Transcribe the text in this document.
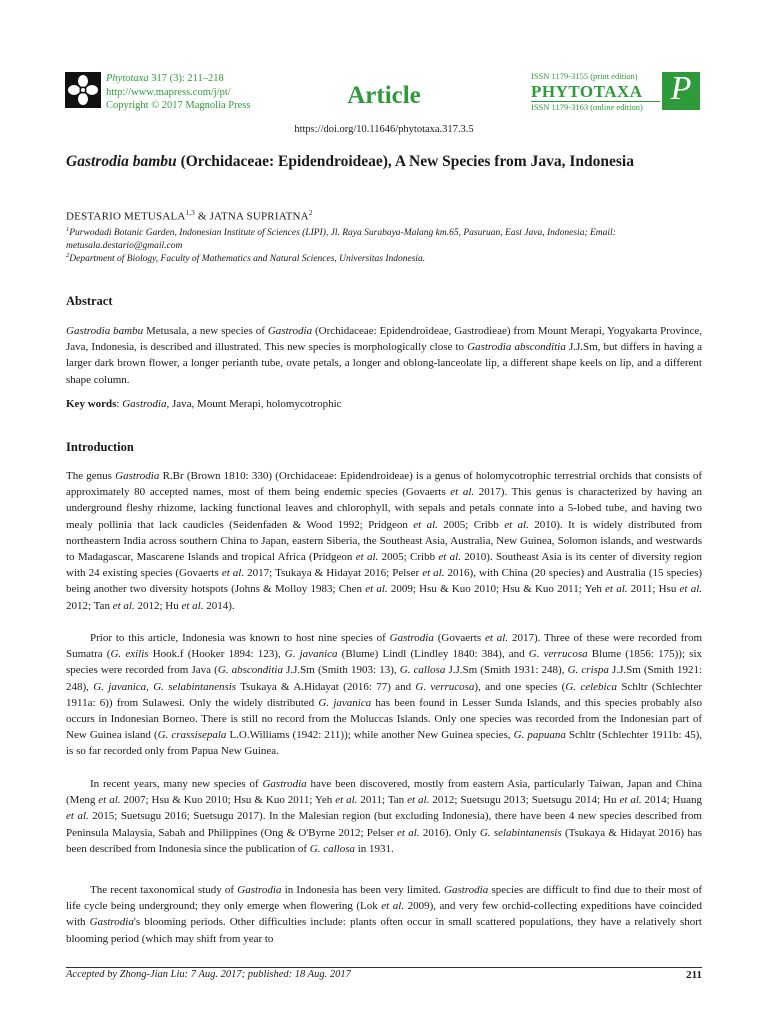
Phytotaxa 317 (3): 211–218
http://www.mapress.com/j/pt/
Copyright © 2017 Magnolia Press	Article
ISSN 1179-3155 (print edition)
PHYTOTAXA
ISSN 1179-3163 (online edition) P
https://doi.org/10.11646/phytotaxa.317.3.5
Gastrodia bambu (Orchidaceae: Epidendroideae), A New Species from Java, Indonesia
DESTARIO METUSALA$^{1,3}$ & JATNA SUPRIATNA$^2$
$^1$Purwodadi Botanic Garden, Indonesian Institute of Sciences (LIPI), Jl. Raya Surabaya-Malang km.65, Pasuruan, East Java, Indonesia; Email: metusala.destario@gmail.com
$^2$Department of Biology, Faculty of Mathematics and Natural Sciences, Universitas Indonesia.
Abstract
Gastrodia bambu Metusala, a new species of Gastrodia (Orchidaceae: Epidendroideae, Gastrodieae) from Mount Merapi, Yogyakarta Province, Java, Indonesia, is described and illustrated. This new species is morphologically close to Gastrodia absconditia J.J.Sm, but differs in having a larger dark brown flower, a longer perianth tube, ovate petals, a longer and oblong-lanceolate lip, a different shape keels on lip, and a different shape column.
Key words: Gastrodia, Java, Mount Merapi, holomycotrophic
Introduction
The genus Gastrodia R.Br (Brown 1810: 330) (Orchidaceae: Epidendroideae) is a genus of holomycotrophic terrestrial orchids that consists of approximately 80 accepted names, most of them being endemic species (Govaerts et al. 2017). This genus is characterized by having an underground fleshy rhizome, lacking functional leaves and chlorophyll, with sepals and petals connate into a 5-lobed tube, and having two mealy pollinia that lack caudicles (Seidenfaden & Wood 1992; Pridgeon et al. 2005; Cribb et al. 2010). It is widely distributed from northeastern India across southern China to Japan, eastern Siberia, the Southeast Asia, Australia, New Guinea, Solomon islands, and westwards to Madagascar, Mascarene Islands and tropical Africa (Pridgeon et al. 2005; Cribb et al. 2010). Southeast Asia is its center of diversity region with 24 existing species (Govaerts et al. 2017; Tsukaya & Hidayat 2016; Pelser et al. 2016), with China (20 species) and Australia (15 species) being another two diversity hotspots (Johns & Molloy 1983; Chen et al. 2009; Hsu & Kuo 2010; Hsu & Kuo 2011; Yeh et al. 2011; Hsu et al. 2012; Tan et al. 2012; Hu et al. 2014).
Prior to this article, Indonesia was known to host nine species of Gastrodia (Govaerts et al. 2017). Three of these were recorded from Sumatra (G. exilis Hook.f (Hooker 1894: 123), G. javanica (Blume) Lindl (Lindley 1840: 384), and G. verrucosa Blume (1856: 175)); six species were recorded from Java (G. absconditia J.J.Sm (Smith 1903: 13), G. callosa J.J.Sm (Smith 1931: 248), G. crispa J.J.Sm (Smith 1921: 248), G. javanica, G. selabintanensis Tsukaya & A.Hidayat (2016: 77) and G. verrucosa), and one species (G. celebica Schltr (Schlechter 1911a: 6)) from Sulawesi. Only the widely distributed G. javanica has been found in Lesser Sunda Islands, and this species probably also occurs in Indonesian Borneo. There is still no record from the Moluccas Islands. Only one species was recorded from the Indonesian part of New Guinea island (G. crassisepala L.O.Williams (1942: 211)); while another New Guinea species, G. papuana Schltr (Schlechter 1911b: 45), is so far recorded only from Papua New Guinea.
In recent years, many new species of Gastrodia have been discovered, mostly from eastern Asia, particularly Taiwan, Japan and China (Meng et al. 2007; Hsu & Kuo 2010; Hsu & Kuo 2011; Yeh et al. 2011; Tan et al. 2012; Suetsugu 2013; Suetsugu 2014; Hu et al. 2014; Huang et al. 2015; Suetsugu 2016; Suetsugu 2017). In the Malesian region (but excluding Indonesia), there have been 4 new species described from Peninsula Malaysia, Sabah and Philippines (Ong & O'Byrne 2012; Pelser et al. 2016). Only G. selabintanensis (Tsukaya & Hidayat 2016) has been described from Indonesia since the publication of G. callosa in 1931.
The recent taxonomical study of Gastrodia in Indonesia has been very limited. Gastrodia species are difficult to find due to their most of life cycle being underground; they only emerge when flowering (Lok et al. 2009), and very few orchid-collecting expeditions have coincided with Gastrodia's blooming periods. Other difficulties include: plants often occur in small scattered populations, they have a relatively short blooming period (which may shift from year to
Accepted by Zhong-Jian Liu: 7 Aug. 2017; published: 18 Aug. 2017	211
